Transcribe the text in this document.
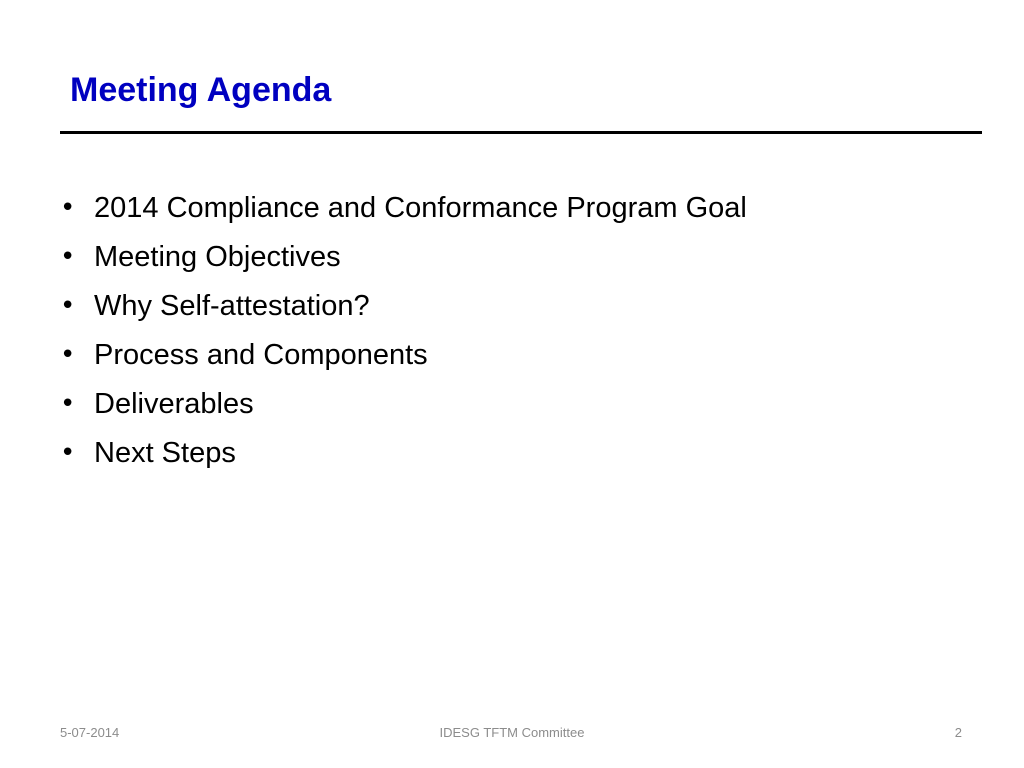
Meeting Agenda
• 2014 Compliance and Conformance Program Goal
• Meeting Objectives
• Why Self-attestation?
• Process and Components
• Deliverables
• Next Steps
5-07-2014	IDESG TFTM Committee	2
